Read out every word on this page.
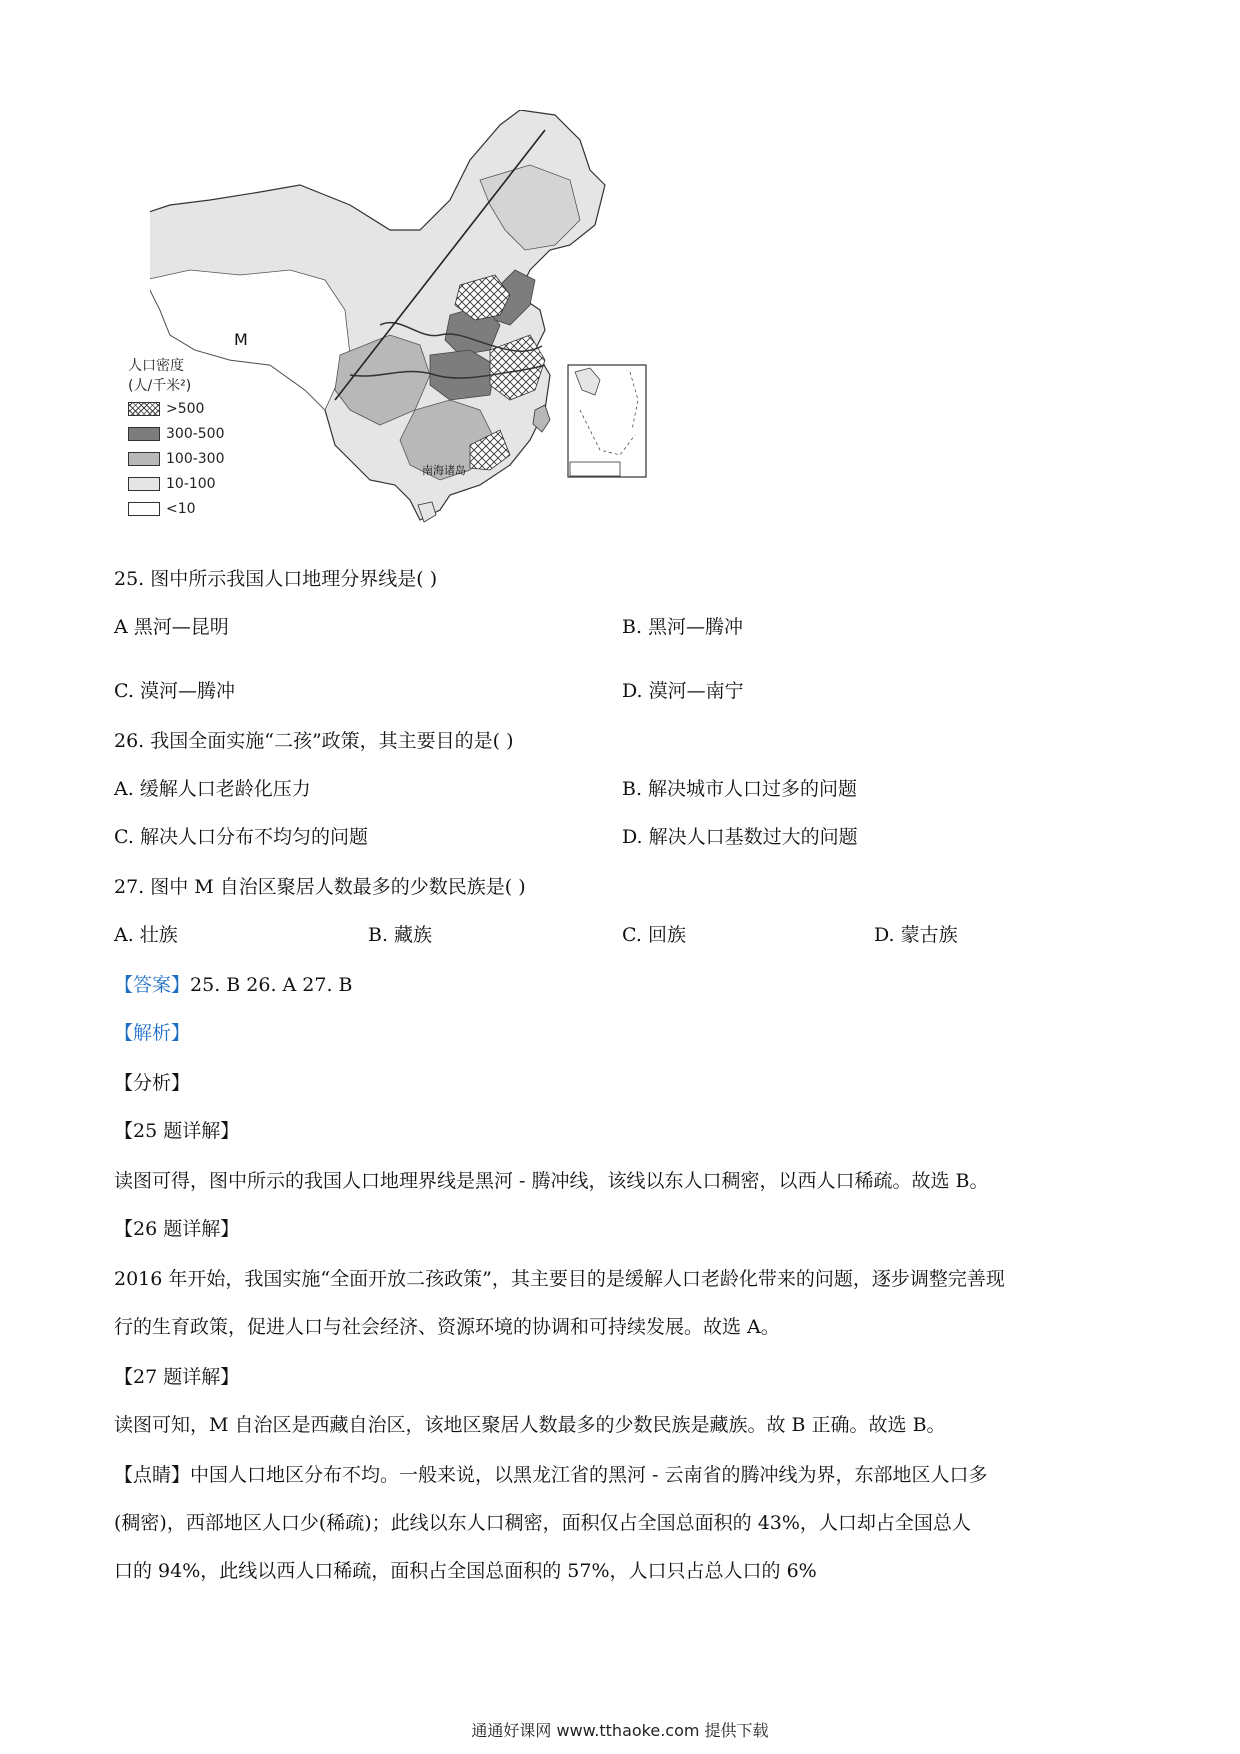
南海诸岛
M
人口密度
(人/千米²)
>500
300-500
100-300
10-100
<10
25. 图中所示我国人口地理分界线是( )
A 黑河—昆明	B. 黑河—腾冲
C. 漠河—腾冲	D. 漠河—南宁
26. 我国全面实施“二孩”政策，其主要目的是( )
A. 缓解人口老龄化压力	B. 解决城市人口过多的问题
C. 解决人口分布不均匀的问题	D. 解决人口基数过大的问题
27. 图中 M 自治区聚居人数最多的少数民族是( )
A. 壮族	B. 藏族	C. 回族	D. 蒙古族
【答案】25. B 26. A 27. B
【解析】
【分析】
【25 题详解】
读图可得，图中所示的我国人口地理界线是黑河 - 腾冲线，该线以东人口稠密，以西人口稀疏。故选 B。
【26 题详解】
2016 年开始，我国实施“全面开放二孩政策”，其主要目的是缓解人口老龄化带来的问题，逐步调整完善现
行的生育政策，促进人口与社会经济、资源环境的协调和可持续发展。故选 A。
【27 题详解】
读图可知，M 自治区是西藏自治区，该地区聚居人数最多的少数民族是藏族。故 B 正确。故选 B。
【点睛】中国人口地区分布不均。一般来说，以黑龙江省的黑河 - 云南省的腾冲线为界，东部地区人口多
(稠密)，西部地区人口少(稀疏)；此线以东人口稠密，面积仅占全国总面积的 43%，人口却占全国总人
口的 94%，此线以西人口稀疏，面积占全国总面积的 57%，人口只占总人口的 6%
通通好课网 www.tthaoke.com 提供下载
